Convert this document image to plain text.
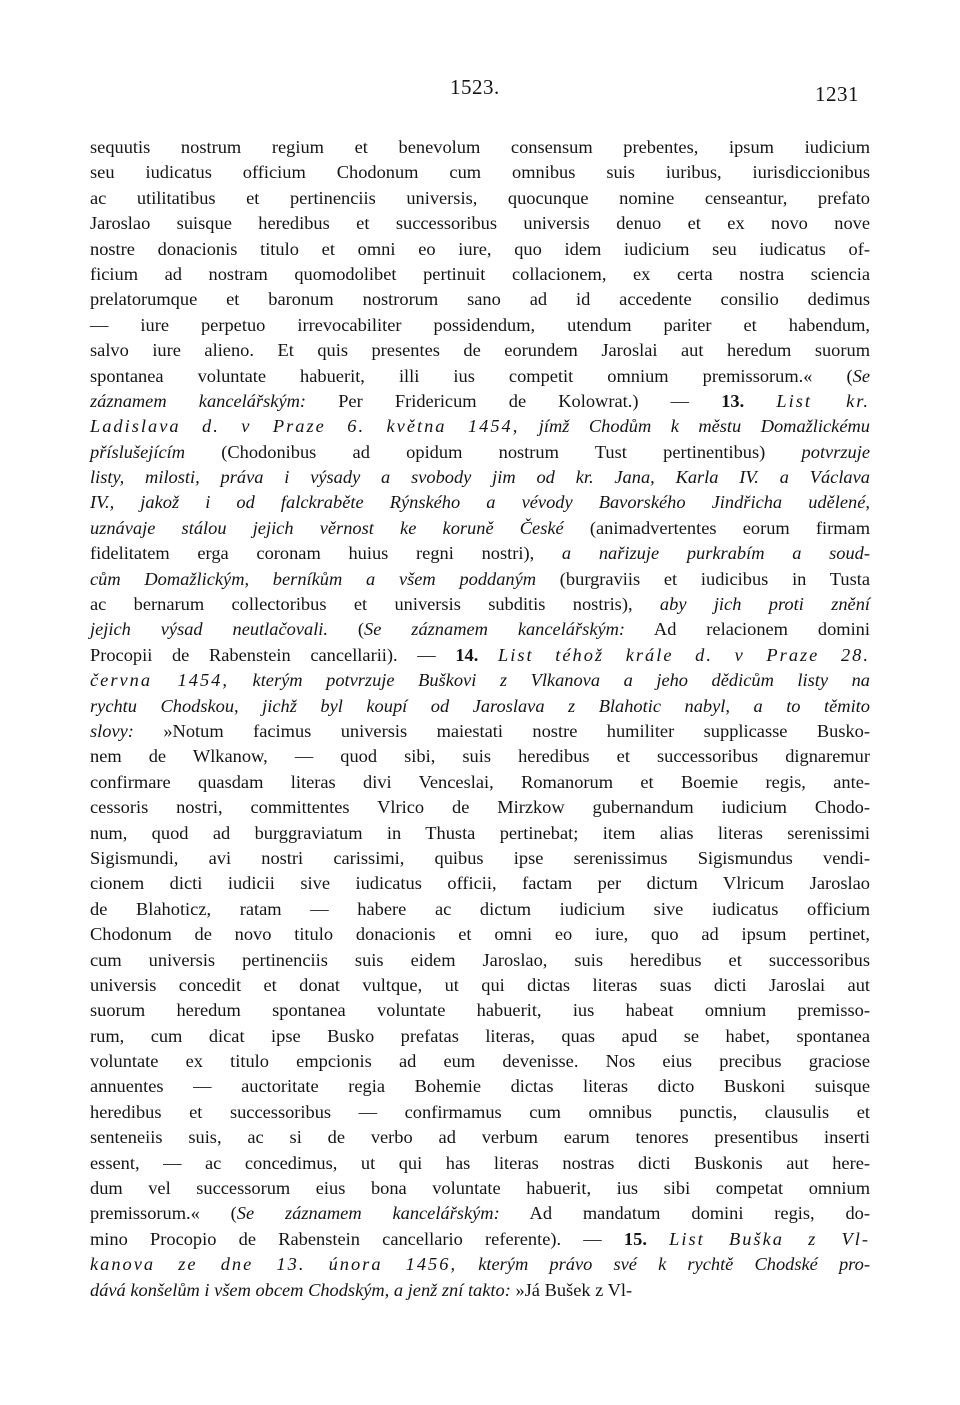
1523.	1231
sequutis nostrum regium et benevolum consensum prebentes, ipsum iudicium
seu iudicatus officium Chodonum cum omnibus suis iuribus, iurisdiccionibus
ac utilitatibus et pertinenciis universis, quocunque nomine censeantur, prefato
Jaroslao suisque heredibus et successoribus universis denuo et ex novo nove
nostre donacionis titulo et omni eo iure, quo idem iudicium seu iudicatus of-
ficium ad nostram quomodolibet pertinuit collacionem, ex certa nostra sciencia
prelatorumque et baronum nostrorum sano ad id accedente consilio dedimus
— iure perpetuo irrevocabiliter possidendum, utendum pariter et habendum,
salvo iure alieno. Et quis presentes de eorundem Jaroslai aut heredum suorum
spontanea voluntate habuerit, illi ius competit omnium premissorum.« (Se
záznamem kancelářským: Per Fridericum de Kolowrat.) — 13. List kr.
Ladislava d. v Praze 6. května 1454, jímž Chodům k městu Domažlickému
příslušejícím (Chodonibus ad opidum nostrum Tust pertinentibus) potvrzuje
listy, milosti, práva i výsady a svobody jim od kr. Jana, Karla IV. a Václava
IV., jakož i od falckraběte Rýnského a vévody Bavorského Jindřicha udělené,
uznávaje stálou jejich věrnost ke koruně České (animadvertentes eorum firmam
fidelitatem erga coronam huius regni nostri), a nařizuje purkrabím a soud-
cům Domažlickým, berníkům a všem poddaným (burgraviis et iudicibus in Tusta
ac bernarum collectoribus et universis subditis nostris), aby jich proti znění
jejich výsad neutlačovali. (Se záznamem kancelářským: Ad relacionem domini
Procopii de Rabenstein cancellarii). — 14. List téhož krále d. v Praze 28.
června 1454, kterým potvrzuje Buškovi z Vlkanova a jeho dědicům listy na
rychtu Chodskou, jichž byl koupí od Jaroslava z Blahotic nabyl, a to těmito
slovy: »Notum facimus universis maiestati nostre humiliter supplicasse Busko-
nem de Wlkanow, — quod sibi, suis heredibus et successoribus dignaremur
confirmare quasdam literas divi Venceslai, Romanorum et Boemie regis, ante-
cessoris nostri, committentes Vlrico de Mirzkow gubernandum iudicium Chodo-
num, quod ad burggraviatum in Thusta pertinebat; item alias literas serenissimi
Sigismundi, avi nostri carissimi, quibus ipse serenissimus Sigismundus vendi-
cionem dicti iudicii sive iudicatus officii, factam per dictum Vlricum Jaroslao
de Blahoticz, ratam — habere ac dictum iudicium sive iudicatus officium
Chodonum de novo titulo donacionis et omni eo iure, quo ad ipsum pertinet,
cum universis pertinenciis suis eidem Jaroslao, suis heredibus et successoribus
universis concedit et donat vultque, ut qui dictas literas suas dicti Jaroslai aut
suorum heredum spontanea voluntate habuerit, ius habeat omnium premisso-
rum, cum dicat ipse Busko prefatas literas, quas apud se habet, spontanea
voluntate ex titulo empcionis ad eum devenisse. Nos eius precibus graciose
annuentes — auctoritate regia Bohemie dictas literas dicto Buskoni suisque
heredibus et successoribus — confirmamus cum omnibus punctis, clausulis et
senteneiis suis, ac si de verbo ad verbum earum tenores presentibus inserti
essent, — ac concedimus, ut qui has literas nostras dicti Buskonis aut here-
dum vel successorum eius bona voluntate habuerit, ius sibi competat omnium
premissorum.« (Se záznamem kancelářským: Ad mandatum domini regis, do-
mino Procopio de Rabenstein cancellario referente). — 15. List Buška z Vl-
kanova ze dne 13. února 1456, kterým právo své k rychtě Chodské pro-
dává konšelům i všem obcem Chodským, a jenž zní takto: »Já Bušek z Vl-
